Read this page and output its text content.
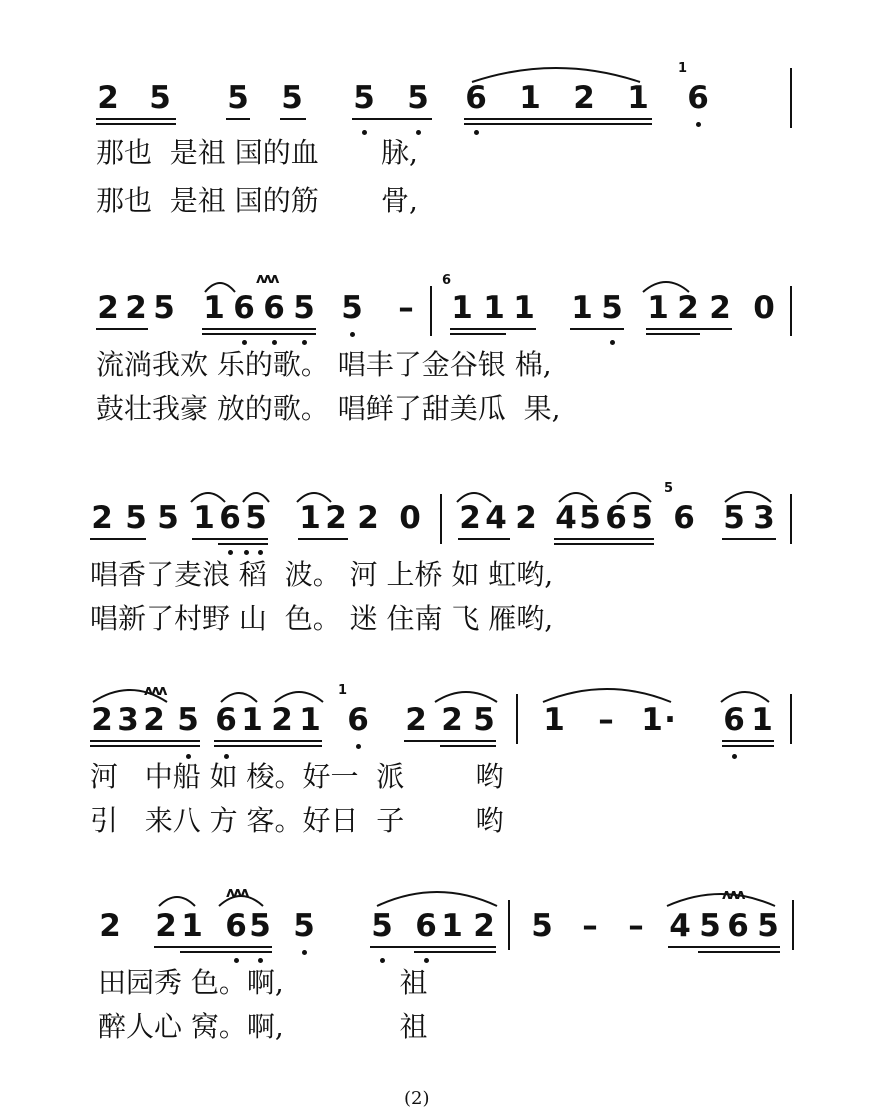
1
2 5 5 5 5 5 6 1 2 1 6
那也  是祖 国的血       脉,
那也  是祖 国的筋       骨,
ʌʌʌ	6
2 2 5 1 6 6 5 5 – 1 1 1 1 5 1 2 2 0
流淌我欢 乐的歌。 唱丰了金谷银 棉,
鼓壮我豪 放的歌。 唱鲜了甜美瓜  果,
5
2 5 5 1 6 5 1 2 2 0 2 4 2 4 5 6 5 6 5 3
唱香了麦浪 稻  波。 河 上桥 如 虹哟,
唱新了村野 山  色。 迷 住南 飞 雁哟,
ʌʌʌ	1
2 3 2 5 6 1 2 1 6 2 2 5 1 – 1 · 6 1
河   中船 如 梭。好一  派        哟
引   来八 方 客。好日  子        哟
ʌʌʌ	ʌʌʌ
2 2 1 6 5 5 5 6 1 2 5 – – 4 5 6 5
田园秀 色。啊,             祖
醉人心 窝。啊,             祖
(2)
